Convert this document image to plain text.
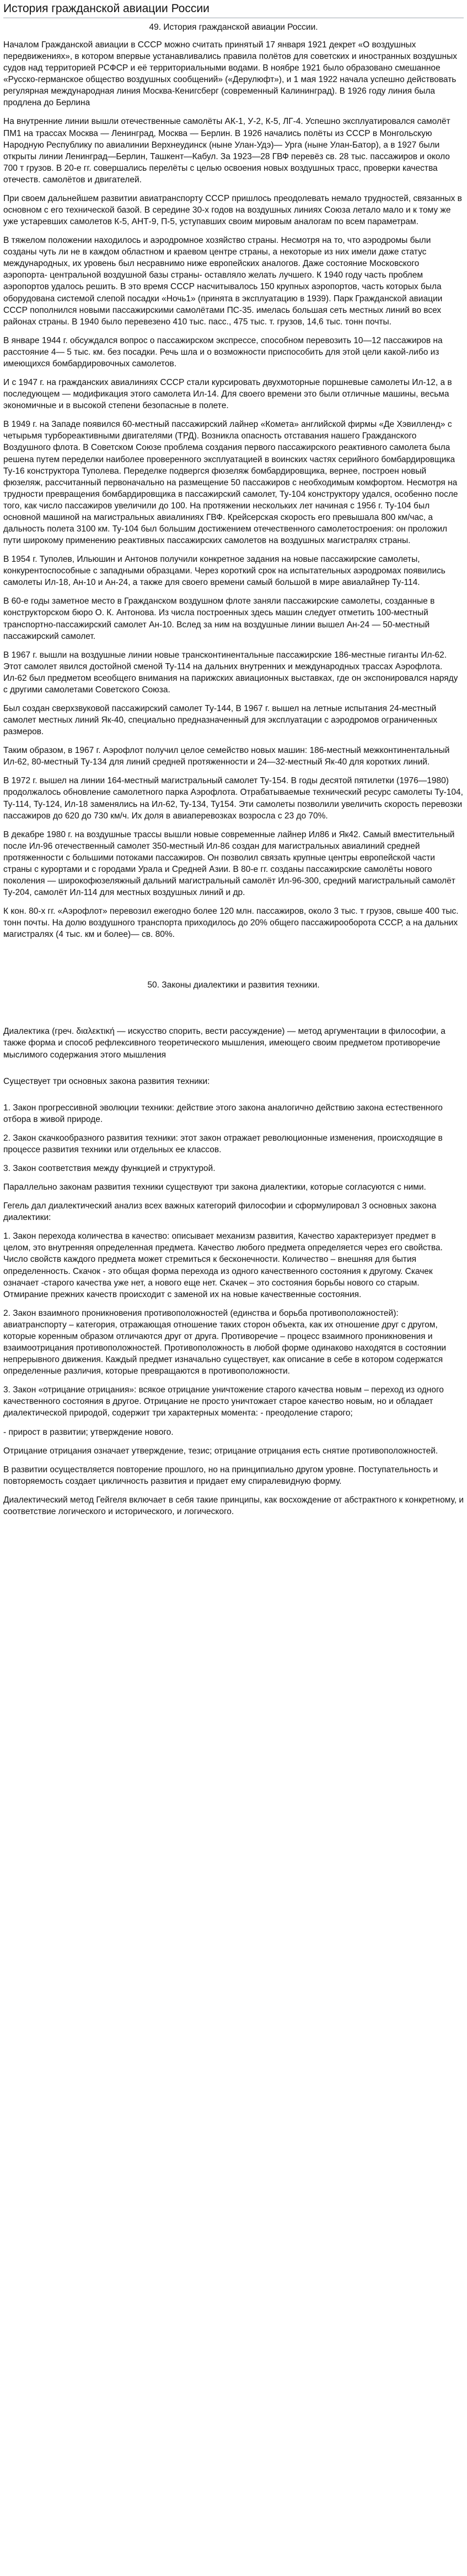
История гражданской авиации России
49. История гражданской авиации России.

Началом Гражданской авиации в СССР можно считать принятый 17 января 1921 декрет «О воздушных передвижениях», в котором впервые устанавливались правила полётов для советских и иностранных воздушных судов над территорией РСФСР и её территориальными водами. В ноябре 1921 было образовано смешанное «Русско-германское общество воздушных сообщений» («Дерулюфт»), и 1 мая 1922 начала успешно действовать регулярная международная линия Москва-Кенигсберг (современный Калининград). В 1926 году линия была продлена до Берлина

На внутренние линии вышли отечественные самолёты АК-1, У-2, К-5, ЛГ-4. Успешно эксплуатировался самолёт ПМ1 на трассах Москва — Ленинград, Москва — Берлин. В 1926 начались полёты из СССР в Монгольскую Народную Республику по авиалинии Верхнеудинск (ныне Улан-Удэ)— Урга (ныне Улан-Батор), а в 1927 были открыты линии Ленинград—Берлин, Ташкент—Кабул. За 1923—28 ГВФ перевёз св. 28 тыс. пассажиров и около 700 т грузов. В 20-е гг. совершались перелёты с целью освоения новых воздушных трасс, проверки качества отечеств. самолётов и двигателей.

При своем дальнейшем развитии авиатранспорту СССР пришлось преодолевать немало трудностей, связанных в основном с его технической базой. В середине 30-х годов на воздушных линиях Союза летало мало и к тому же уже устаревших самолетов К-5, АНТ-9, П-5, уступавших своим мировым аналогам по всем параметрам.

В тяжелом положении находилось и аэродромное хозяйство страны. Несмотря на то, что аэродромы были созданы чуть ли не в каждом областном и краевом центре страны, а некоторые из них имели даже статус международных, их уровень был несравнимо ниже европейских аналогов. Даже состояние Московского аэропорта- центральной воздушной базы страны- оставляло желать лучшего. К 1940 году часть проблем аэропортов удалось решить. В это время СССР насчитывалось 150 крупных аэропортов, часть которых была оборудована системой слепой посадки «Ночь1» (принята в эксплуатацию в 1939). Парк Гражданской авиации СССР пополнился новыми пассажирскими самолётами ПС-35. имелась большая сеть местных линий во всех районах страны. В 1940 было перевезено 410 тыс. пасс., 475 тыс. т. грузов, 14,6 тыс. тонн почты.

В январе 1944 г. обсуждался вопрос о пассажирском экспрессе, способном перевозить 10—12 пассажиров на расстояние 4— 5 тыс. км. без посадки. Речь шла и о возможности приспособить для этой цели какой-либо из имеющихся бомбардировочных самолетов.

И с 1947 г. на гражданских авиалиниях СССР стали курсировать двухмоторные поршневые самолеты Ил-12, а в последующем — модификация этого самолета Ил-14. Для своего времени это были отличные машины, весьма экономичные и в высокой степени безопасные в полете.

В 1949 г. на Западе появился 60-местный пассажирский лайнер «Комета» английской фирмы «Де Хэвилленд» с четырьмя турбореактивными двигателями (ТРД). Возникла опасность отставания нашего Гражданского Воздушного флота. В Советском Союзе проблема создания первого пассажирского реактивного самолета была решена путем переделки наиболее проверенного эксплуатацией в воинских частях серийного бомбардировщика Ту-16 конструктора Туполева. Переделке подвергся фюзеляж бомбардировщика, вернее, построен новый фюзеляж, рассчитанный первоначально на размещение 50 пассажиров с необходимым комфортом. Несмотря на трудности превращения бомбардировщика в пассажирский самолет, Ту-104 конструктору удался, особенно после того, как число пассажиров увеличили до 100. На протяжении нескольких лет начиная с 1956 г. Ту-104 был основной машиной на магистральных авиалиниях ГВФ. Крейсерская скорость его превышала 800 км/час, а дальность полета 3100 км. Ту-104 был большим достижением отечественного самолетостроения: он проложил пути широкому применению реактивных пассажирских самолетов на воздушных магистралях страны.

В 1954 г. Туполев, Ильюшин и Антонов получили конкретное задания на новые пассажирские самолеты, конкурентоспособные с западными образцами. Через короткий срок на испытательных аэродромах появились самолеты Ил-18, Ан-10 и Ан-24, а также для своего времени самый большой в мире авиалайнер Ту-114.

В 60-е годы заметное место в Гражданском воздушном флоте заняли пассажирские самолеты, созданные в конструкторском бюро О. К. Антонова. Из числа построенных здесь машин следует отметить 100-местный транспортно-пассажирский самолет Ан-10. Вслед за ним на воздушные линии вышел Ан-24 — 50-местный пассажирский самолет.

В 1967 г. вышли на воздушные линии новые трансконтинентальные пассажирские 186-местные гиганты Ил-62. Этот самолет явился достойной сменой Ту-114 на дальних внутренних и международных трассах Аэрофлота. Ил-62 был предметом всеобщего внимания на парижских авиационных выставках, где он экспонировался наряду с другими самолетами Советского Союза.

Был создан сверхзвуковой пассажирский самолет Ту-144, В 1967 г. вышел на летные испытания 24-местный самолет местных линий Як-40, специально предназначенный для эксплуатации с аэродромов ограниченных размеров.

Таким образом, в 1967 г. Аэрофлот получил целое семейство новых машин: 186-местный межконтинентальный Ил-62, 80-местный Ту-134 для линий средней протяженности и 24—32-местный Як-40 для коротких линий.

В 1972 г. вышел на линии 164-местный магистральный самолет Ту-154. В годы десятой пятилетки (1976—1980) продолжалось обновление самолетного парка Аэрофлота. Отрабатываемые технический ресурс самолеты Ту-104, Ту-114, Ту-124, Ил-18 заменялись на Ил-62, Ту-134, Ту154. Эти самолеты позволили увеличить скорость перевозки пассажиров до 620 до 730 км/ч. Их доля в авиаперевозках возросла с 23 до 70%.

В декабре 1980 г. на воздушные трассы вышли новые современные лайнер Ил86 и Як42. Самый вместительный после Ил-96 отечественный самолет 350-местный Ил-86 создан для магистральных авиалиний средней протяженности с большими потоками пассажиров. Он позволил связать крупные центры европейской части страны с курортами и с городами Урала и Средней Азии. В 80-е гг. созданы пассажирские самолёты нового поколения — широкофюзеляжный дальний магистральный самолёт Ил-96-300, средний магистральный самолёт Ту-204, самолёт Ил-114 для местных воздушных линий и др.

К кон. 80-х гг. «Аэрофлот» перевозил ежегодно более 120 млн. пассажиров, около 3 тыс. т грузов, свыше 400 тыс. тонн почты. На долю воздушного транспорта приходилось до 20% общего пассажирооборота СССР, а на дальних магистралях (4 тыс. км и более)— св. 80%.

50. Законы диалектики и развития техники.

Диалектика (греч. διαλεκτική — искусство спорить, вести рассуждение) — метод аргументации в философии, а также форма и способ рефлексивного теоретического мышления, имеющего своим предметом противоречие мыслимого содержания этого мышления

Существует три основных закона развития техники:

1. Закон прогрессивной эволюции техники: действие этого закона аналогично действию закона естественного отбора в живой природе.

2. Закон скачкообразного развития техники: этот закон отражает революционные изменения, происходящие в процессе развития техники или отдельных ее классов.

3. Закон соответствия между функцией и структурой.

Параллельно законам развития техники существуют три закона диалектики, которые согласуются с ними.

Гегель дал диалектический анализ всех важных категорий философии и сформулировал 3 основных закона диалектики:

1. Закон перехода количества в качество: описывает механизм развития, Качество характеризует предмет в целом, это внутренняя определенная предмета. Качество любого предмета определяется через его свойства. Число свойств каждого предмета может стремиться к бесконечности. Количество – внешняя для бытия определенность. Скачок - это общая форма перехода из одного качественного состояния к другому. Скачек означает -старого качества уже нет, а нового еще нет. Скачек – это состояния борьбы нового со старым. Отмирание прежних качеств происходит с заменой их на новые качественные состояния.

2. Закон взаимного проникновения противоположностей (единства и борьба противоположностей): авиатранспорту – категория, отражающая отношение таких сторон объекта, как их отношение друг с другом, которые коренным образом отличаются друг от друга. Противоречие – процесс взаимного проникновения и взаимоотрицания противоположностей. Противоположность в любой форме одинаково находятся в состоянии непрерывного движения. Каждый предмет изначально существует, как описание в себе в котором содержатся определенные различия, которые превращаются в противоположности.

3. Закон «отрицание отрицания»: всякое отрицание уничтожение старого качества новым – переход из одного качественного состояния в другое. Отрицание не просто уничтожает старое качество новым, но и обладает диалектической природой, содержит три характерных момента: - преодоление старого;

- прирост в развитии; утверждение нового.

Отрицание отрицания означает утверждение, тезис; отрицание отрицания есть снятие противоположностей.

В развитии осуществляется повторение прошлого, но на принципиально другом уровне. Поступательность и повторяемость создает цикличность развития и придает ему спиралевидную форму.

Диалектический метод Гейгеля включает в себя такие принципы, как восхождение от абстрактного к конкретному, и соответствие логического и исторического, и логического.
